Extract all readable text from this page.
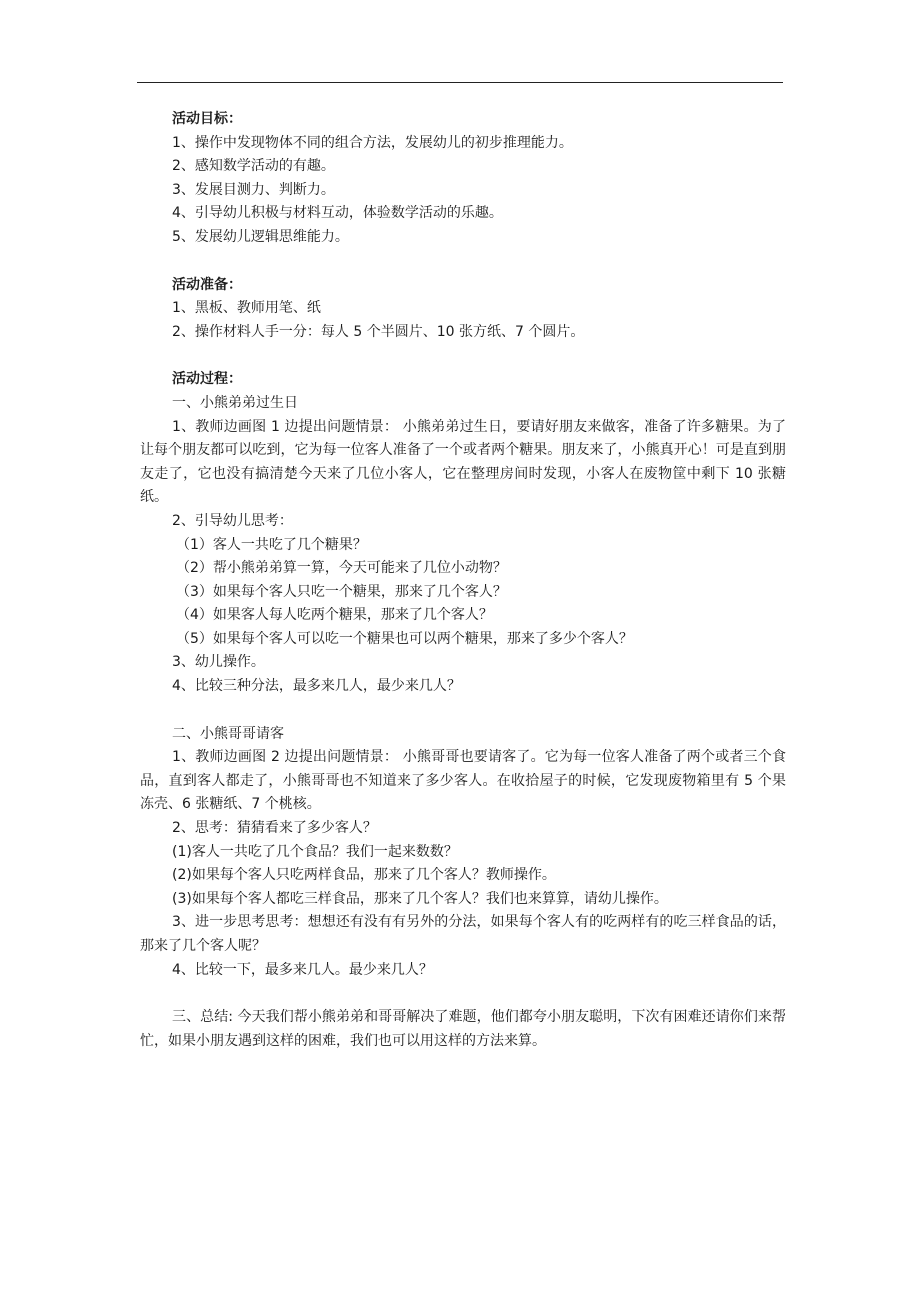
活动目标：
1、操作中发现物体不同的组合方法，发展幼儿的初步推理能力。
2、感知数学活动的有趣。
3、发展目测力、判断力。
4、引导幼儿积极与材料互动，体验数学活动的乐趣。
5、发展幼儿逻辑思维能力。
活动准备：
1、黑板、教师用笔、纸
2、操作材料人手一分：每人 5 个半圆片、10 张方纸、7 个圆片。
活动过程：
一、小熊弟弟过生日
1、教师边画图 1 边提出问题情景： 小熊弟弟过生日，要请好朋友来做客，准备了许多糖果。为了让每个朋友都可以吃到，它为每一位客人准备了一个或者两个糖果。朋友来了，小熊真开心！可是直到朋友走了，它也没有搞清楚今天来了几位小客人，它在整理房间时发现，小客人在废物筐中剩下 10 张糖纸。
2、引导幼儿思考：
（1）客人一共吃了几个糖果？
（2）帮小熊弟弟算一算，今天可能来了几位小动物？
（3）如果每个客人只吃一个糖果，那来了几个客人？
（4）如果客人每人吃两个糖果，那来了几个客人？
（5）如果每个客人可以吃一个糖果也可以两个糖果，那来了多少个客人？
3、幼儿操作。
4、比较三种分法，最多来几人，最少来几人？
二、小熊哥哥请客
1、教师边画图 2 边提出问题情景： 小熊哥哥也要请客了。它为每一位客人准备了两个或者三个食品，直到客人都走了，小熊哥哥也不知道来了多少客人。在收拾屋子的时候，它发现废物箱里有 5 个果冻壳、6 张糖纸、7 个桃核。
2、思考：猜猜看来了多少客人？
(1)客人一共吃了几个食品？我们一起来数数？
(2)如果每个客人只吃两样食品，那来了几个客人？教师操作。
(3)如果每个客人都吃三样食品，那来了几个客人？我们也来算算，请幼儿操作。
3、进一步思考思考：想想还有没有有另外的分法，如果每个客人有的吃两样有的吃三样食品的话，那来了几个客人呢？
4、比较一下，最多来几人。最少来几人？
三、总结: 今天我们帮小熊弟弟和哥哥解决了难题，他们都夸小朋友聪明，下次有困难还请你们来帮忙，如果小朋友遇到这样的困难，我们也可以用这样的方法来算。
